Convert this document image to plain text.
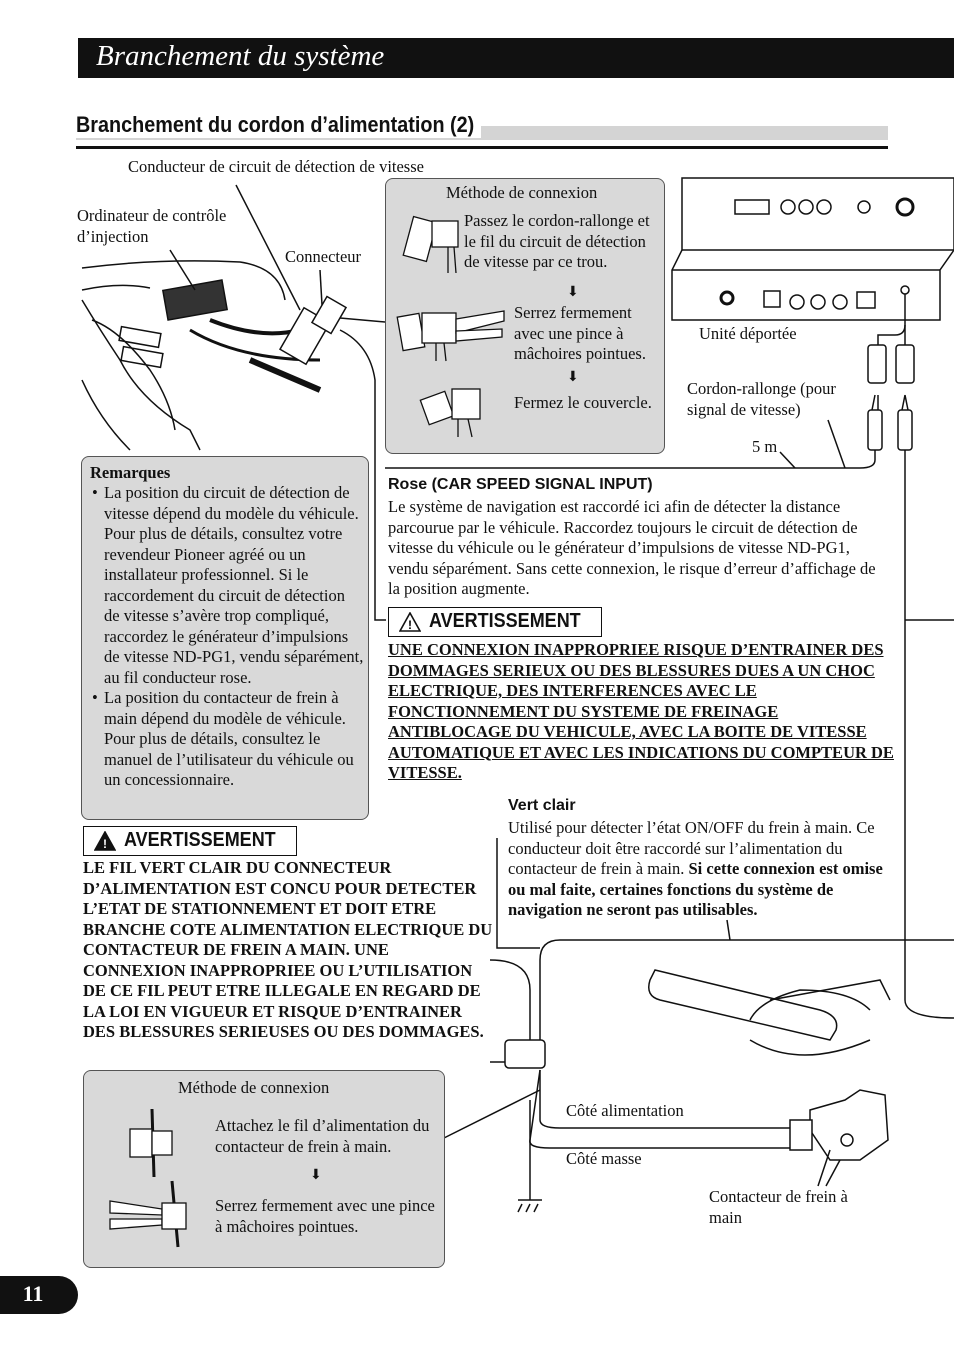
Branchement du système
Branchement du cordon d’alimentation (2)
Conducteur de circuit de détection de vitesse
Ordinateur de contrôle d’injection
Connecteur
Méthode de connexion
Passez le cordon-rallonge et le fil du circuit de détection de vitesse par ce trou.
⬇
Serrez fermement avec une pince à mâchoires pointues.
⬇
Fermez le couvercle.
Unité déportée
Cordon-rallonge (pour signal de vitesse)
5 m
Remarques
• La position du circuit de détection de vitesse dépend du modèle du véhicule. Pour plus de détails, consultez votre revendeur Pioneer agréé ou un installateur professionnel. Si le raccordement du circuit de détection de vitesse s’avère trop compliqué, raccordez le générateur d’impulsions de vitesse ND-PG1, vendu séparément, au fil conducteur rose.
• La position du contacteur de frein à main dépend du modèle de véhicule. Pour plus de détails, consultez le manuel de l’utilisateur du véhicule ou un concessionnaire.
Rose (CAR SPEED SIGNAL INPUT)
Le système de navigation est raccordé ici afin de détecter la distance parcourue par le véhicule. Raccordez toujours le circuit de détection de vitesse du véhicule ou le générateur d’impulsions de vitesse ND-PG1, vendu séparément. Sans cette connexion, le risque d’erreur d’affichage de la position augmente.
! AVERTISSEMENT
UNE CONNEXION INAPPROPRIEE RISQUE D’ENTRAINER DES DOMMAGES SERIEUX OU DES BLESSURES DUES A UN CHOC ELECTRIQUE, DES INTERFERENCES AVEC LE FONCTIONNEMENT DU SYSTEME DE FREINAGE ANTIBLOCAGE DU VEHICULE, AVEC LA BOITE DE VITESSE AUTOMATIQUE ET AVEC LES INDICATIONS DU COMPTEUR DE VITESSE.
Vert clair
Utilisé pour détecter l’état ON/OFF du frein à main. Ce conducteur doit être raccordé sur l’alimentation du contacteur de frein à main. Si cette connexion est omise ou mal faite, certaines fonctions du système de navigation ne seront pas utilisables.
! AVERTISSEMENT
LE FIL VERT CLAIR DU CONNECTEUR D’ALIMENTATION EST CONCU POUR DETECTER L’ETAT DE STATIONNEMENT ET DOIT ETRE BRANCHE COTE ALIMENTATION ELECTRIQUE DU CONTACTEUR DE FREIN A MAIN. UNE CONNEXION INAPPROPRIEE OU L’UTILISATION DE CE FIL PEUT ETRE ILLEGALE EN REGARD DE LA LOI EN VIGUEUR ET RISQUE D’ENTRAINER DES BLESSURES SERIEUSES OU DES DOMMAGES.
Méthode de connexion
Attachez le fil d’alimentation du contacteur de frein à main.
⬇
Serrez fermement avec une pince à mâchoires pointues.
Côté alimentation
Côté masse
Contacteur de frein à main
11
